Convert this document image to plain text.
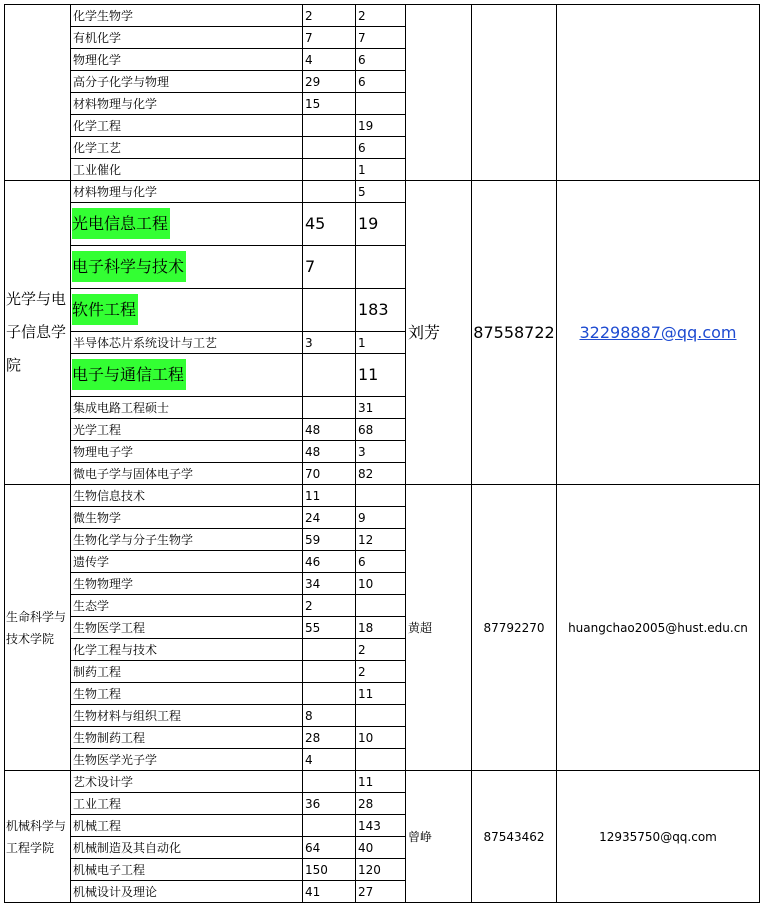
	化学生物学	2	2			
	有机化学	7	7			
	物理化学	4	6			
	高分子化学与物理	29	6			
	材料物理与化学	15				
	化学工程		19			
	化学工艺		6			
	工业催化		1			
光学与电子信息学院	材料物理与化学		5	刘芳	87558722	32298887@qq.com
	光电信息工程	45	19			
	电子科学与技术	7				
	软件工程		183			
	半导体芯片系统设计与工艺	3	1			
	电子与通信工程		11			
	集成电路工程硕士		31			
	光学工程	48	68			
	物理电子学	48	3			
	微电子学与固体电子学	70	82			
生命科学与技术学院	生物信息技术	11		黄超	87792270	huangchao2005@hust.edu.cn
	微生物学	24	9			
	生物化学与分子生物学	59	12			
	遗传学	46	6			
	生物物理学	34	10			
	生态学	2				
	生物医学工程	55	18			
	化学工程与技术		2			
	制药工程		2			
	生物工程		11			
	生物材料与组织工程	8				
	生物制药工程	28	10			
	生物医学光子学	4				
机械科学与工程学院	艺术设计学		11	曾峥	87543462	12935750@qq.com
	工业工程	36	28			
	机械工程		143			
	机械制造及其自动化	64	40			
	机械电子工程	150	120			
	机械设计及理论	41	27			
